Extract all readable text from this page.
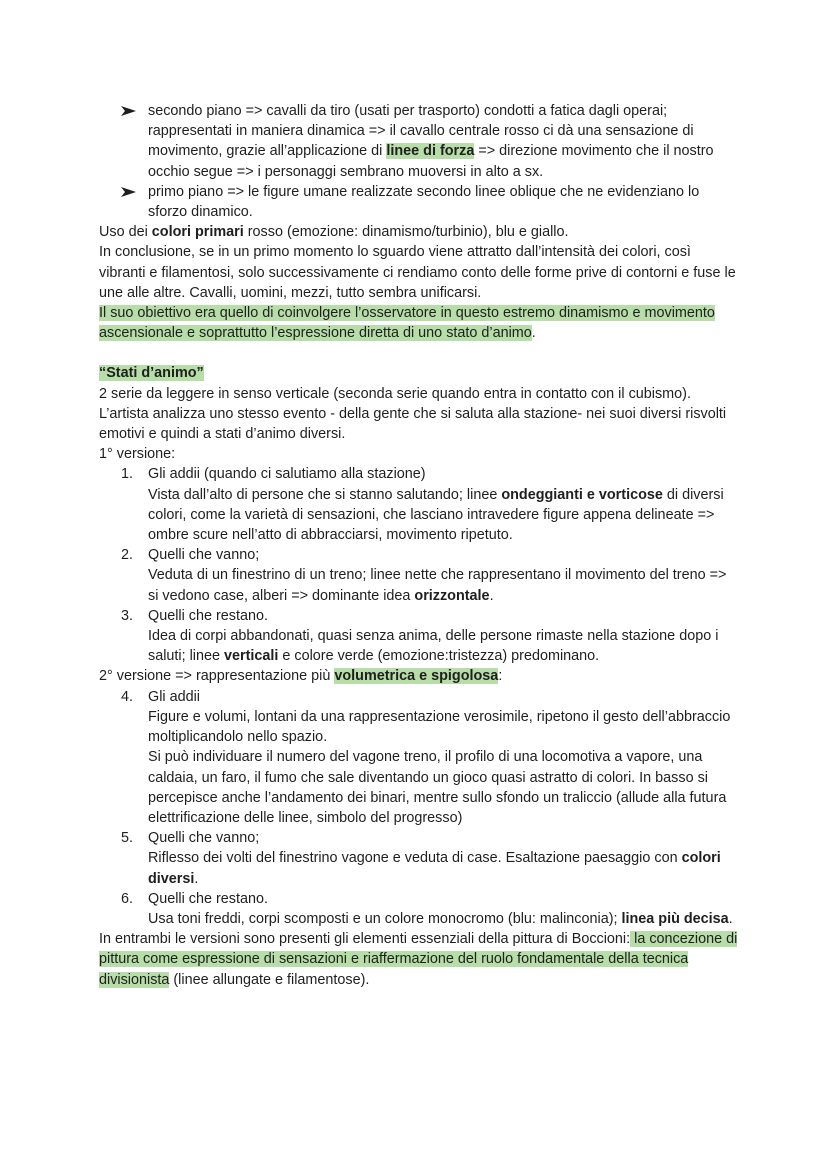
secondo piano => cavalli da tiro (usati per trasporto) condotti a fatica dagli operai; rappresentati in maniera dinamica => il cavallo centrale rosso ci dà una sensazione di movimento, grazie all’applicazione di linee di forza => direzione movimento che il nostro occhio segue => i personaggi sembrano muoversi in alto a sx.

primo piano => le figure umane realizzate secondo linee oblique che ne evidenziano lo sforzo dinamico.

Uso dei colori primari rosso (emozione: dinamismo/turbinio), blu e giallo.

In conclusione, se in un primo momento lo sguardo viene attratto dall’intensità dei colori, così vibranti e filamentosi, solo successivamente ci rendiamo conto delle forme prive di contorni e fuse le une alle altre. Cavalli, uomini, mezzi, tutto sembra unificarsi.

Il suo obiettivo era quello di coinvolgere l’osservatore in questo estremo dinamismo e movimento ascensionale e soprattutto l’espressione diretta di uno stato d’animo.

“Stati d’animo”

2 serie da leggere in senso verticale (seconda serie quando entra in contatto con il cubismo).

L’artista analizza uno stesso evento - della gente che si saluta alla stazione- nei suoi diversi risvolti emotivi e quindi a stati d’animo diversi.

1° versione:

1. Gli addii (quando ci salutiamo alla stazione)

Vista dall’alto di persone che si stanno salutando; linee ondeggianti e vorticose di diversi colori, come la varietà di sensazioni, che lasciano intravedere figure appena delineate => ombre scure nell’atto di abbracciarsi, movimento ripetuto.

2. Quelli che vanno;

Veduta di un finestrino di un treno; linee nette che rappresentano il movimento del treno => si vedono case, alberi => dominante idea orizzontale.

3. Quelli che restano.

Idea di corpi abbandonati, quasi senza anima, delle persone rimaste nella stazione dopo i saluti; linee verticali e colore verde (emozione:tristezza) predominano.

2° versione => rappresentazione più volumetrica e spigolosa:

4. Gli addii

Figure e volumi, lontani da una rappresentazione verosimile, ripetono il gesto dell’abbraccio moltiplicandolo nello spazio.

Si può individuare il numero del vagone treno, il profilo di una locomotiva a vapore, una caldaia, un faro, il fumo che sale diventando un gioco quasi astratto di colori. In basso si percepisce anche l’andamento dei binari, mentre sullo sfondo un traliccio (allude alla futura elettrificazione delle linee, simbolo del progresso)

5. Quelli che vanno;

Riflesso dei volti del finestrino vagone e veduta di case. Esaltazione paesaggio con colori diversi.

6. Quelli che restano.

Usa toni freddi, corpi scomposti e un colore monocromo (blu: malinconia); linea più decisa.

In entrambi le versioni sono presenti gli elementi essenziali della pittura di Boccioni: la concezione di pittura come espressione di sensazioni e riaffermazione del ruolo fondamentale della tecnica divisionista (linee allungate e filamentose).
